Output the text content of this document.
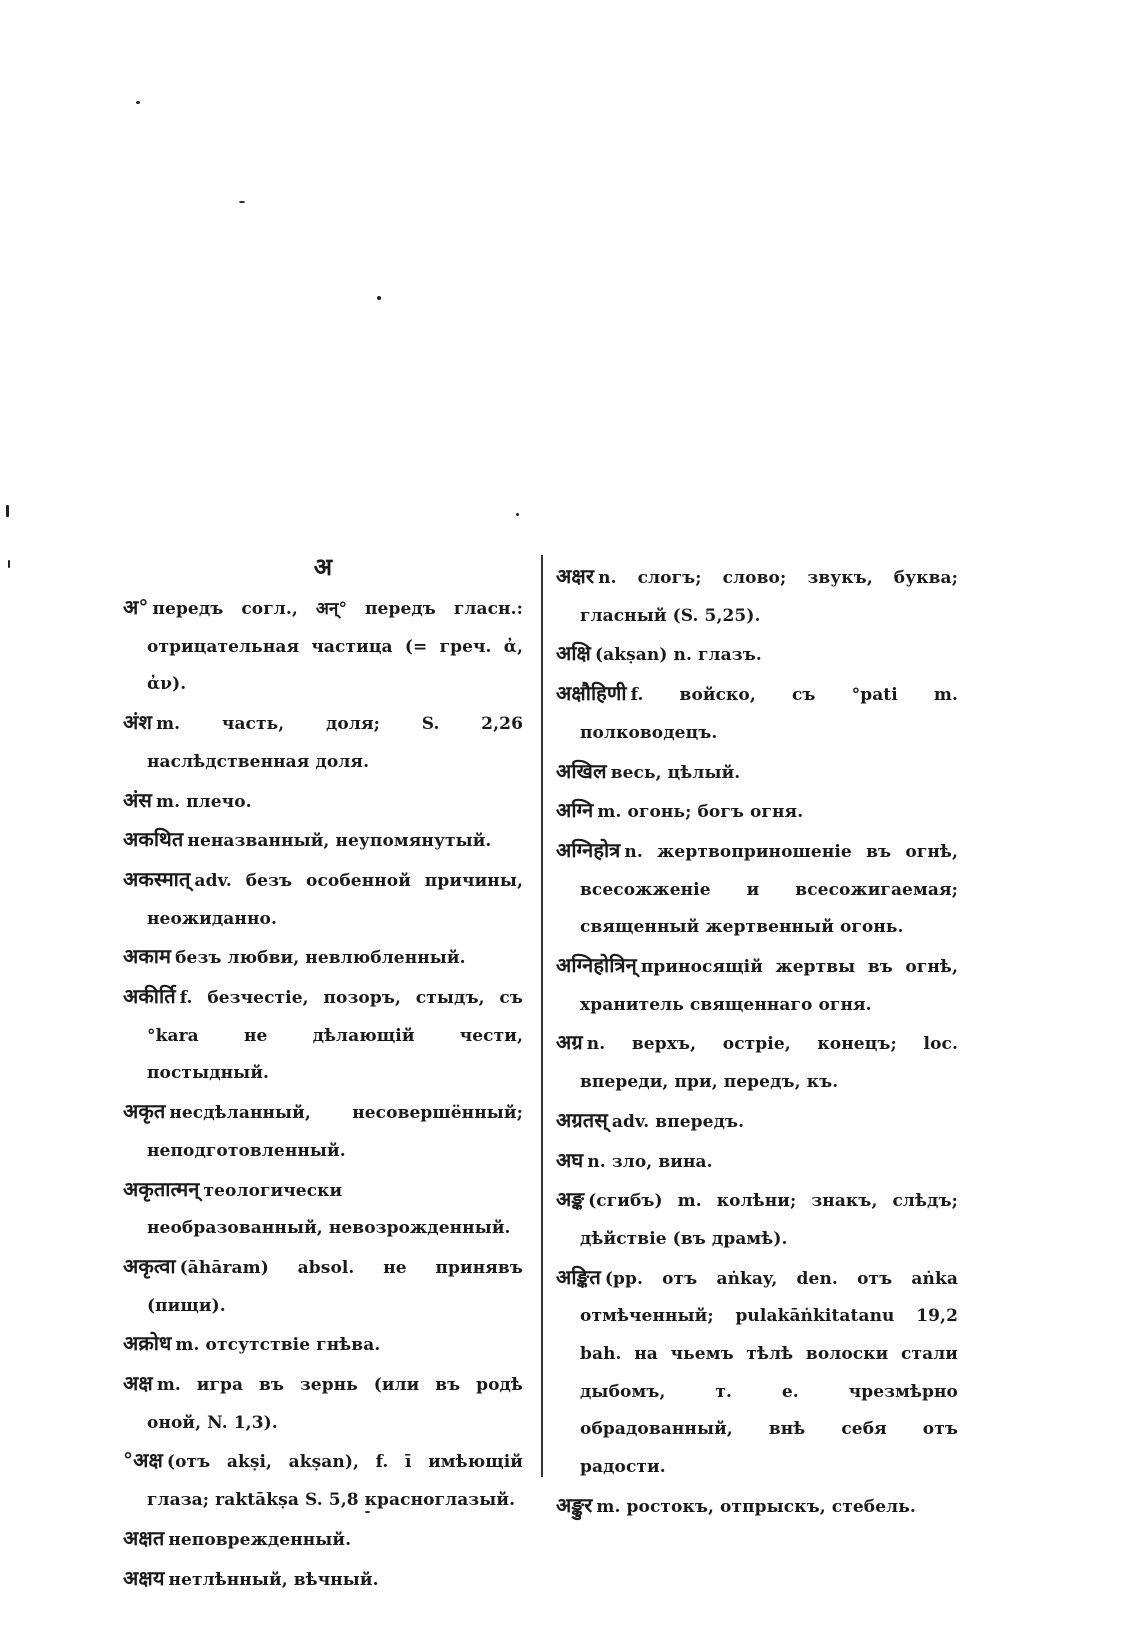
अ

अ° передъ согл., अन्° передъ гласн.: отрицательная частица (= греч. ἀ, ἀν).

अंश m. часть, доля; S. 2,26 наслѣдственная доля.

अंस m. плечо.

अकथित неназванный, неупомянутый.

अकस्मात् adv. безъ особенной причины, неожиданно.

अकाम безъ любви, невлюбленный.

अकीर्ति f. безчестіе, позоръ, стыдъ, съ °kara не дѣлающій чести, постыдный.

अकृत несдѣланный, несовершённый; неподготовленный.

अकृतात्मन् теологически необразованный, невозрожденный.

अकृत्वा (āhāram) absol. не принявъ (пищи).

अक्रोध m. отсутствіе гнѣва.

अक्ष m. игра въ зернь (или въ родѣ оной, N. 1,3).

°अक्ष (отъ akṣi, akṣan), f. ī имѣющій глаза; raktākṣa S. 5,8 красноглазый.

अक्षत неповрежденный.

अक्षय нетлѣнный, вѣчный.

अक्षर n. слогъ; слово; звукъ, буква; гласный (S. 5,25).

अक्षि (akṣan) n. глазъ.

अक्षौहिणी f. войско, съ °pati m. полководецъ.

अखिल весь, цѣлый.

अग्नि m. огонь; богъ огня.

अग्निहोत्र n. жертвоприношеніе въ огнѣ, всесожженіе и всесожигаемая; священный жертвенный огонь.

अग्निहोत्रिन् приносящій жертвы въ огнѣ, хранитель священнаго огня.

अग्र n. верхъ, остріе, конецъ; loc. впереди, при, передъ, къ.

अग्रतस् adv. впередъ.

अघ n. зло, вина.

अङ्क (сгибъ) m. колѣни; знакъ, слѣдъ; дѣйствіе (въ драмѣ).

अङ्कित (pp. отъ aṅkay, den. отъ aṅka отмѣченный; pulakāṅkitatanu 19,2 bah. на чьемъ тѣлѣ волоски стали дыбомъ, т. е. чрезмѣрно обрадованный, внѣ себя отъ радости.

अङ्कुर m. ростокъ, отпрыскъ, стебель.
